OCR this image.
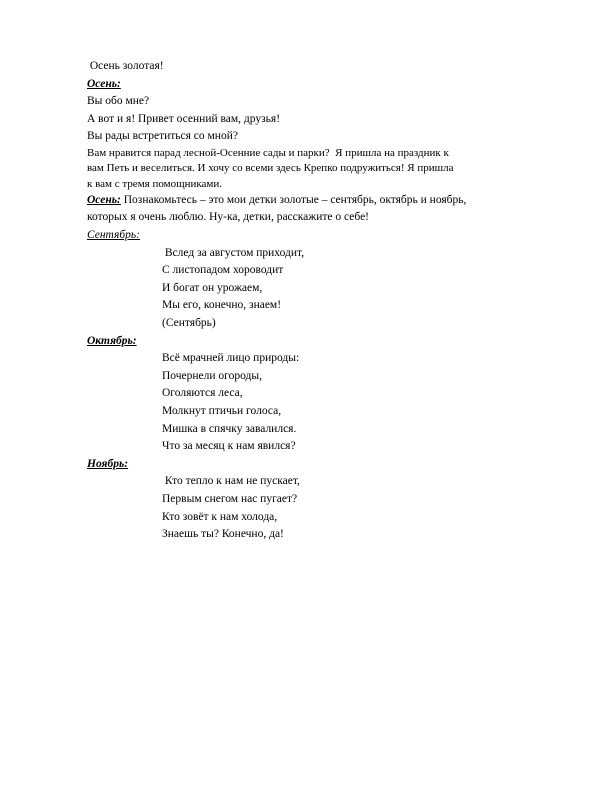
Осень золотая!
Осень:
Вы обо мне?
А вот и я! Привет осенний вам, друзья!
Вы рады встретиться со мной?
Вам нравится парад лесной-Осенние сады и парки?  Я пришла на праздник к
вам Петь и веселиться. И хочу со всеми здесь Крепко подружиться! Я пришла
к вам с тремя помощниками.
Осень: Познакомьтесь – это мои детки золотые – сентябрь, октябрь и ноябрь,
которых я очень люблю. Ну-ка, детки, расскажите о себе!
Сентябрь:
Вслед за августом приходит,
С листопадом хороводит
И богат он урожаем,
Мы его, конечно, знаем!
(Сентябрь)
Октябрь:
Всё мрачней лицо природы:
Почернели огороды,
Оголяются леса,
Молкнут птичьи голоса,
Мишка в спячку завалился.
Что за месяц к нам явился?
Ноябрь:
Кто тепло к нам не пускает,
Первым снегом нас пугает?
Кто зовёт к нам холода,
Знаешь ты? Конечно, да!
